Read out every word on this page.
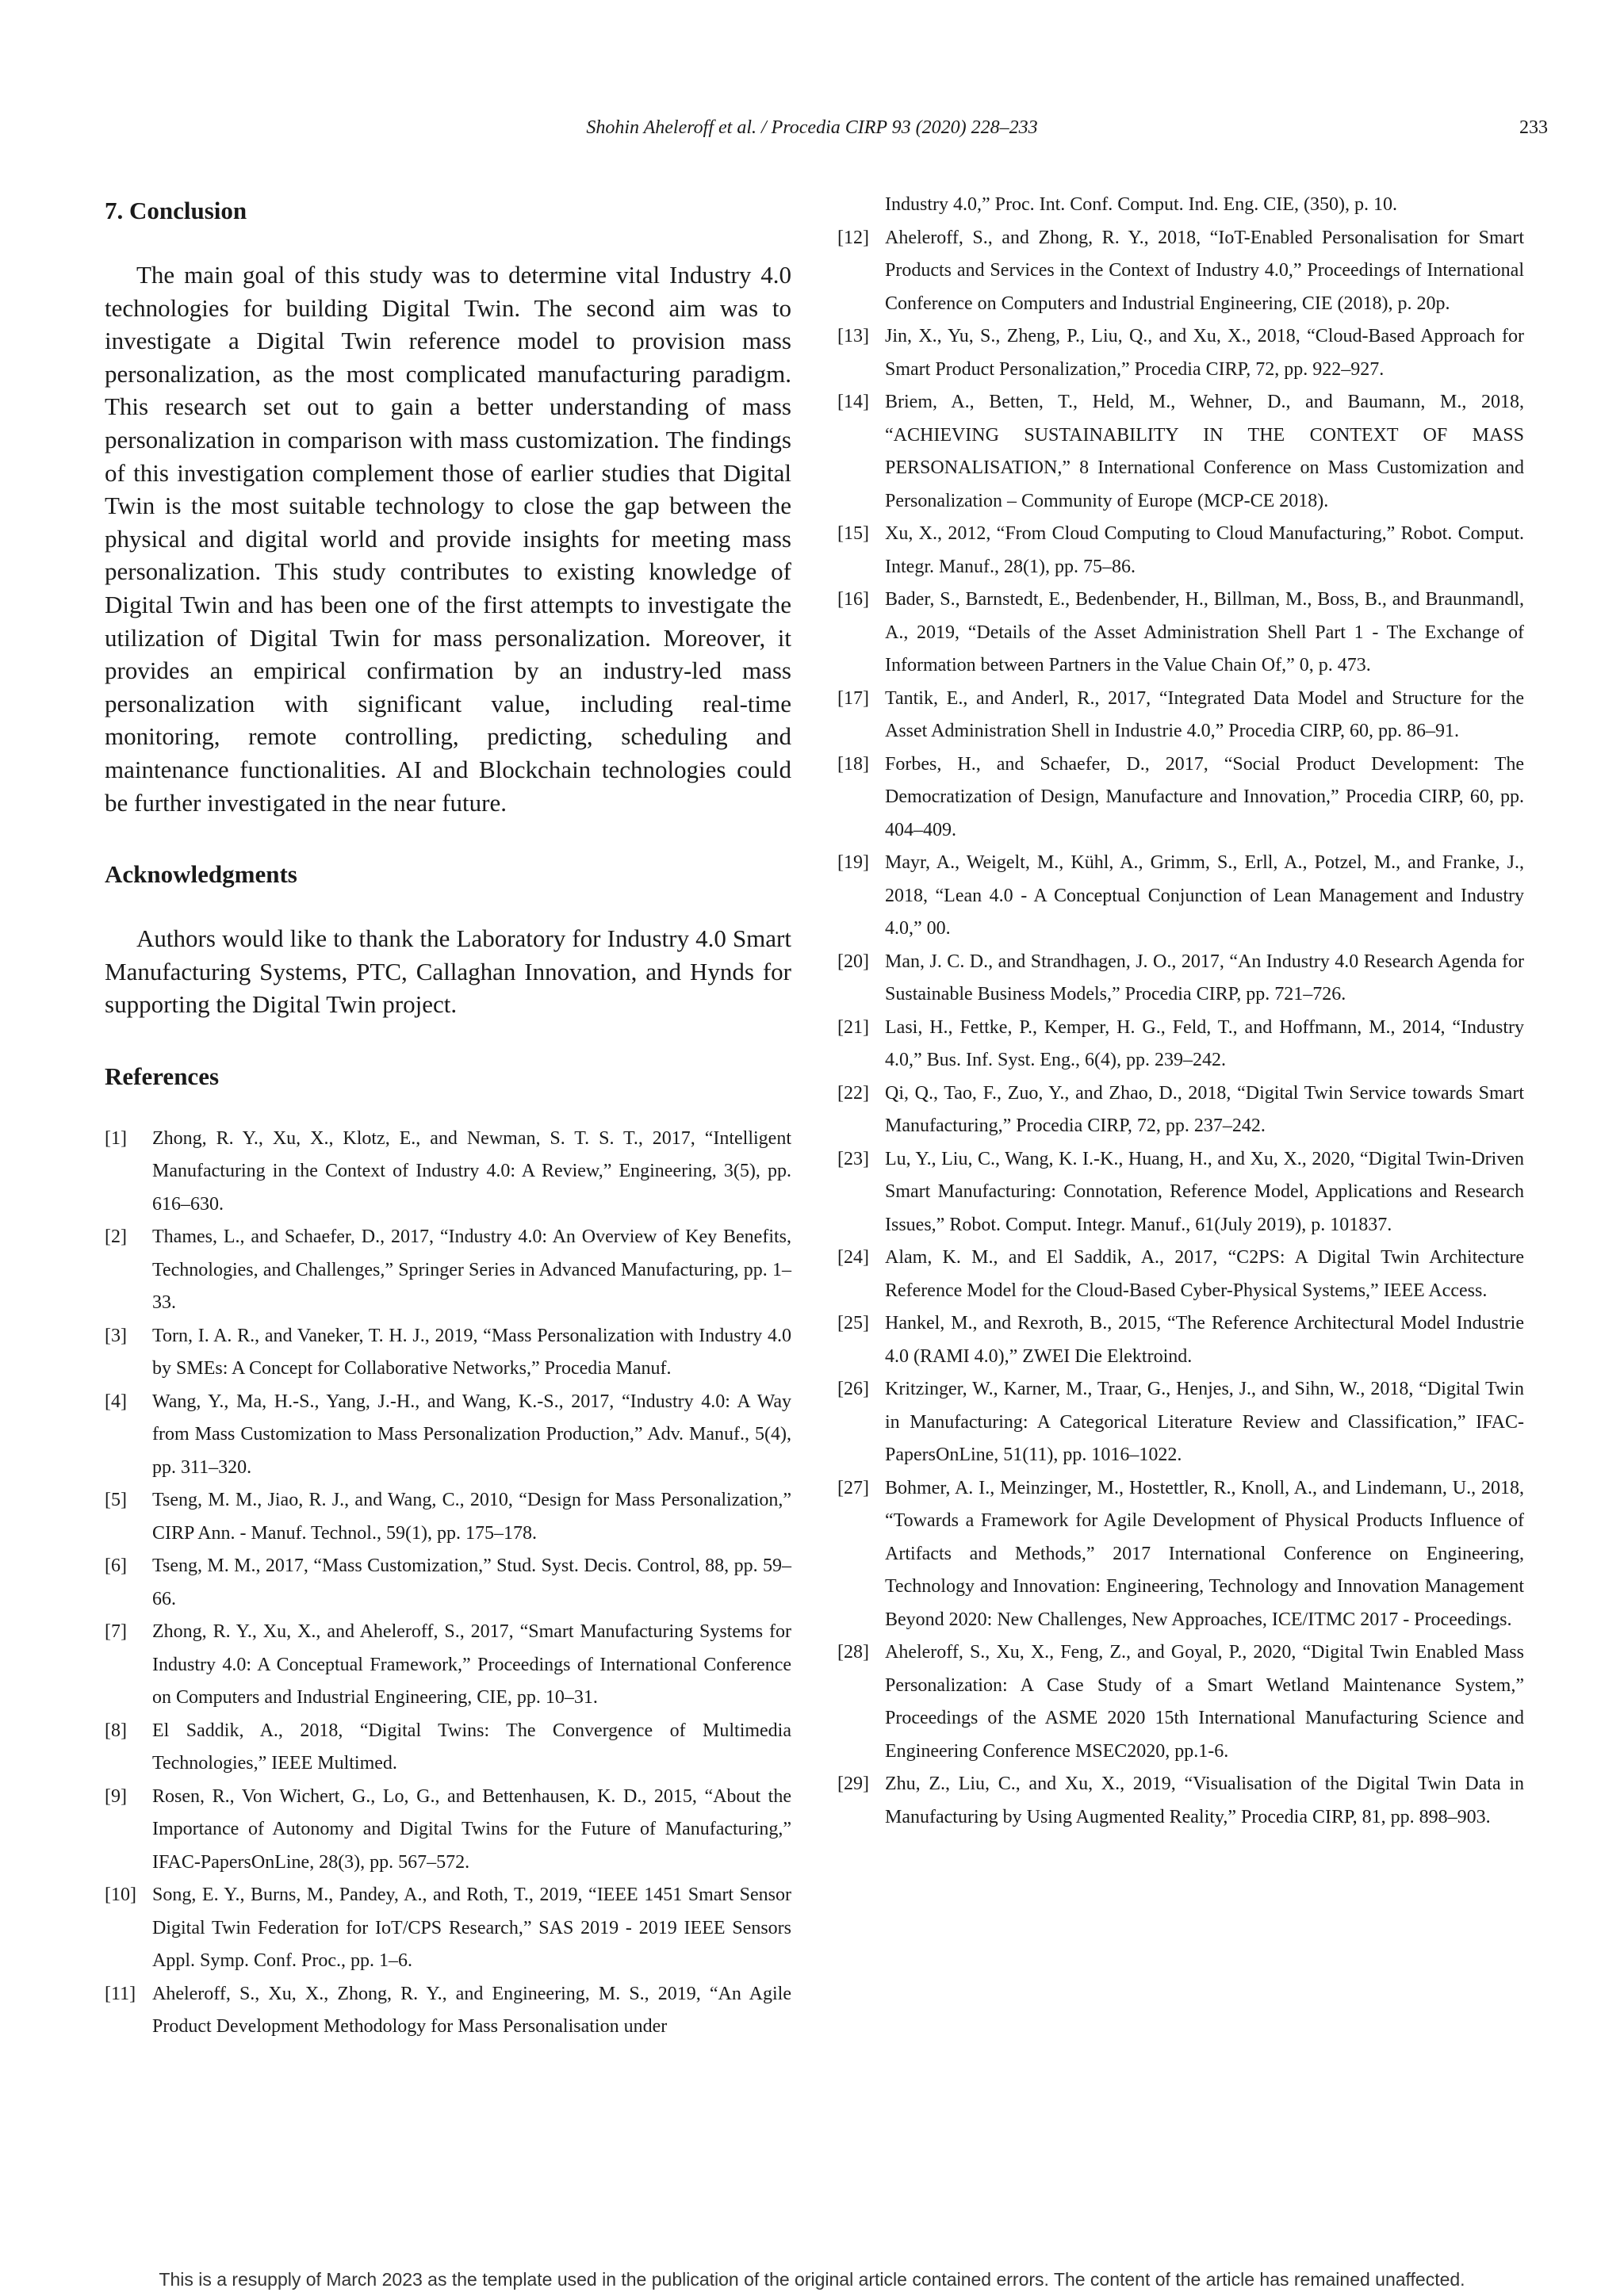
Shohin Aheleroff et al. / Procedia CIRP 93 (2020) 228–233	233
7. Conclusion

The main goal of this study was to determine vital Industry 4.0 technologies for building Digital Twin. The second aim was to investigate a Digital Twin reference model to provision mass personalization, as the most complicated manufacturing paradigm. This research set out to gain a better understanding of mass personalization in comparison with mass customization. The findings of this investigation complement those of earlier studies that Digital Twin is the most suitable technology to close the gap between the physical and digital world and provide insights for meeting mass personalization. This study contributes to existing knowledge of Digital Twin and has been one of the first attempts to investigate the utilization of Digital Twin for mass personalization. Moreover, it provides an empirical confirmation by an industry-led mass personalization with significant value, including real-time monitoring, remote controlling, predicting, scheduling and maintenance functionalities. AI and Blockchain technologies could be further investigated in the near future.

Acknowledgments

Authors would like to thank the Laboratory for Industry 4.0 Smart Manufacturing Systems, PTC, Callaghan Innovation, and Hynds for supporting the Digital Twin project.

References
[1]	Zhong, R. Y., Xu, X., Klotz, E., and Newman, S. T. S. T., 2017, “Intelligent Manufacturing in the Context of Industry 4.0: A Review,” Engineering, 3(5), pp. 616–630.
[2]	Thames, L., and Schaefer, D., 2017, “Industry 4.0: An Overview of Key Benefits, Technologies, and Challenges,” Springer Series in Advanced Manufacturing, pp. 1–33.
[3]	Torn, I. A. R., and Vaneker, T. H. J., 2019, “Mass Personalization with Industry 4.0 by SMEs: A Concept for Collaborative Networks,” Procedia Manuf.
[4]	Wang, Y., Ma, H.-S., Yang, J.-H., and Wang, K.-S., 2017, “Industry 4.0: A Way from Mass Customization to Mass Personalization Production,” Adv. Manuf., 5(4), pp. 311–320.
[5]	Tseng, M. M., Jiao, R. J., and Wang, C., 2010, “Design for Mass Personalization,” CIRP Ann. - Manuf. Technol., 59(1), pp. 175–178.
[6]	Tseng, M. M., 2017, “Mass Customization,” Stud. Syst. Decis. Control, 88, pp. 59–66.
[7]	Zhong, R. Y., Xu, X., and Aheleroff, S., 2017, “Smart Manufacturing Systems for Industry 4.0: A Conceptual Framework,” Proceedings of International Conference on Computers and Industrial Engineering, CIE, pp. 10–31.
[8]	El Saddik, A., 2018, “Digital Twins: The Convergence of Multimedia Technologies,” IEEE Multimed.
[9]	Rosen, R., Von Wichert, G., Lo, G., and Bettenhausen, K. D., 2015, “About the Importance of Autonomy and Digital Twins for the Future of Manufacturing,” IFAC-PapersOnLine, 28(3), pp. 567–572.
[10] Song, E. Y., Burns, M., Pandey, A., and Roth, T., 2019, “IEEE 1451 Smart Sensor Digital Twin Federation for IoT/CPS Research,” SAS 2019 - 2019 IEEE Sensors Appl. Symp. Conf. Proc., pp. 1–6.
[11] Aheleroff, S., Xu, X., Zhong, R. Y., and Engineering, M. S., 2019, “An Agile Product Development Methodology for Mass Personalisation under
Industry 4.0,” Proc. Int. Conf. Comput. Ind. Eng. CIE, (350), p. 10.
[12] Aheleroff, S., and Zhong, R. Y., 2018, “IoT-Enabled Personalisation for Smart Products and Services in the Context of Industry 4.0,” Proceedings of International Conference on Computers and Industrial Engineering, CIE (2018), p. 20p.
[13] Jin, X., Yu, S., Zheng, P., Liu, Q., and Xu, X., 2018, “Cloud-Based Approach for Smart Product Personalization,” Procedia CIRP, 72, pp. 922–927.
[14] Briem, A., Betten, T., Held, M., Wehner, D., and Baumann, M., 2018, “ACHIEVING SUSTAINABILITY IN THE CONTEXT OF MASS PERSONALISATION,” 8 International Conference on Mass Customization and Personalization – Community of Europe (MCP-CE 2018).
[15] Xu, X., 2012, “From Cloud Computing to Cloud Manufacturing,” Robot. Comput. Integr. Manuf., 28(1), pp. 75–86.
[16] Bader, S., Barnstedt, E., Bedenbender, H., Billman, M., Boss, B., and Braunmandl, A., 2019, “Details of the Asset Administration Shell Part 1 - The Exchange of Information between Partners in the Value Chain Of,” 0, p. 473.
[17] Tantik, E., and Anderl, R., 2017, “Integrated Data Model and Structure for the Asset Administration Shell in Industrie 4.0,” Procedia CIRP, 60, pp. 86–91.
[18] Forbes, H., and Schaefer, D., 2017, “Social Product Development: The Democratization of Design, Manufacture and Innovation,” Procedia CIRP, 60, pp. 404–409.
[19] Mayr, A., Weigelt, M., Kühl, A., Grimm, S., Erll, A., Potzel, M., and Franke, J., 2018, “Lean 4.0 - A Conceptual Conjunction of Lean Management and Industry 4.0,” 00.
[20] Man, J. C. D., and Strandhagen, J. O., 2017, “An Industry 4.0 Research Agenda for Sustainable Business Models,” Procedia CIRP, pp. 721–726.
[21] Lasi, H., Fettke, P., Kemper, H. G., Feld, T., and Hoffmann, M., 2014, “Industry 4.0,” Bus. Inf. Syst. Eng., 6(4), pp. 239–242.
[22] Qi, Q., Tao, F., Zuo, Y., and Zhao, D., 2018, “Digital Twin Service towards Smart Manufacturing,” Procedia CIRP, 72, pp. 237–242.
[23] Lu, Y., Liu, C., Wang, K. I.-K., Huang, H., and Xu, X., 2020, “Digital Twin-Driven Smart Manufacturing: Connotation, Reference Model, Applications and Research Issues,” Robot. Comput. Integr. Manuf., 61(July 2019), p. 101837.
[24] Alam, K. M., and El Saddik, A., 2017, “C2PS: A Digital Twin Architecture Reference Model for the Cloud-Based Cyber-Physical Systems,” IEEE Access.
[25] Hankel, M., and Rexroth, B., 2015, “The Reference Architectural Model Industrie 4.0 (RAMI 4.0),” ZWEI Die Elektroind.
[26] Kritzinger, W., Karner, M., Traar, G., Henjes, J., and Sihn, W., 2018, “Digital Twin in Manufacturing: A Categorical Literature Review and Classification,” IFAC-PapersOnLine, 51(11), pp. 1016–1022.
[27] Bohmer, A. I., Meinzinger, M., Hostettler, R., Knoll, A., and Lindemann, U., 2018, “Towards a Framework for Agile Development of Physical Products Influence of Artifacts and Methods,” 2017 International Conference on Engineering, Technology and Innovation: Engineering, Technology and Innovation Management Beyond 2020: New Challenges, New Approaches, ICE/ITMC 2017 - Proceedings.
[28] Aheleroff, S., Xu, X., Feng, Z., and Goyal, P., 2020, “Digital Twin Enabled Mass Personalization: A Case Study of a Smart Wetland Maintenance System,” Proceedings of the ASME 2020 15th International Manufacturing Science and Engineering Conference MSEC2020, pp.1-6.
[29] Zhu, Z., Liu, C., and Xu, X., 2019, “Visualisation of the Digital Twin Data in Manufacturing by Using Augmented Reality,” Procedia CIRP, 81, pp. 898–903.
This is a resupply of March 2023 as the template used in the publication of the original article contained errors. The content of the article has remained unaffected.
